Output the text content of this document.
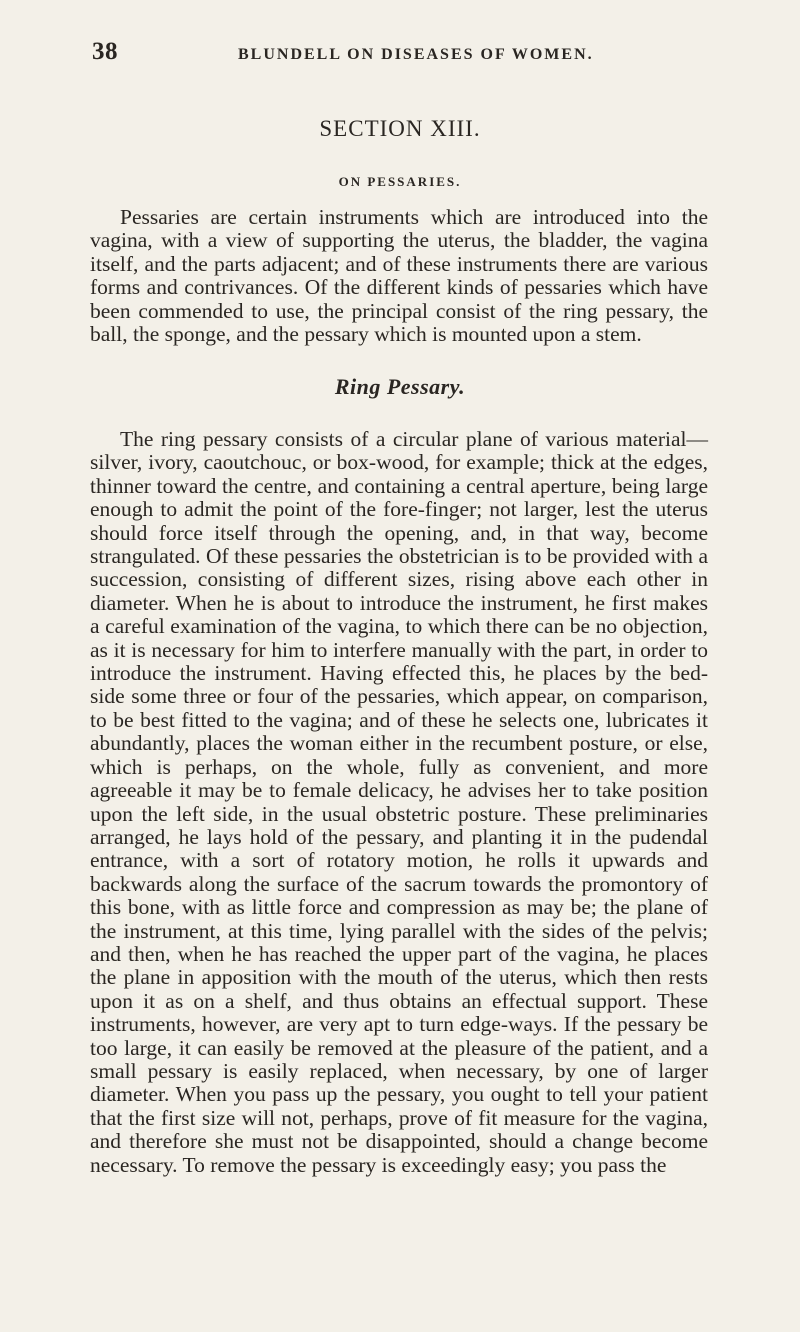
38	BLUNDELL ON DISEASES OF WOMEN.
SECTION XIII.
ON PESSARIES.

Pessaries are certain instruments which are introduced into the vagina, with a view of supporting the uterus, the bladder, the vagina itself, and the parts adjacent; and of these instruments there are various forms and contrivances. Of the different kinds of pessaries which have been commended to use, the principal consist of the ring pessary, the ball, the sponge, and the pessary which is mounted upon a stem.

Ring Pessary.

The ring pessary consists of a circular plane of various material—silver, ivory, caoutchouc, or box-wood, for example; thick at the edges, thinner toward the centre, and containing a central aperture, being large enough to admit the point of the fore-finger; not larger, lest the uterus should force itself through the opening, and, in that way, become strangulated. Of these pessaries the obstetrician is to be provided with a succession, consisting of different sizes, rising above each other in diameter. When he is about to introduce the instrument, he first makes a careful examination of the vagina, to which there can be no objection, as it is necessary for him to interfere manually with the part, in order to introduce the instrument. Having effected this, he places by the bed-side some three or four of the pessaries, which appear, on comparison, to be best fitted to the vagina; and of these he selects one, lubricates it abundantly, places the woman either in the recumbent posture, or else, which is perhaps, on the whole, fully as convenient, and more agreeable it may be to female delicacy, he advises her to take position upon the left side, in the usual obstetric posture. These preliminaries arranged, he lays hold of the pessary, and planting it in the pudendal entrance, with a sort of rotatory motion, he rolls it upwards and backwards along the surface of the sacrum towards the promontory of this bone, with as little force and compression as may be; the plane of the instrument, at this time, lying parallel with the sides of the pelvis; and then, when he has reached the upper part of the vagina, he places the plane in apposition with the mouth of the uterus, which then rests upon it as on a shelf, and thus obtains an effectual support. These instruments, however, are very apt to turn edge-ways. If the pessary be too large, it can easily be removed at the pleasure of the patient, and a small pessary is easily replaced, when necessary, by one of larger diameter. When you pass up the pessary, you ought to tell your patient that the first size will not, perhaps, prove of fit measure for the vagina, and therefore she must not be disappointed, should a change become necessary. To remove the pessary is exceedingly easy; you pass the
